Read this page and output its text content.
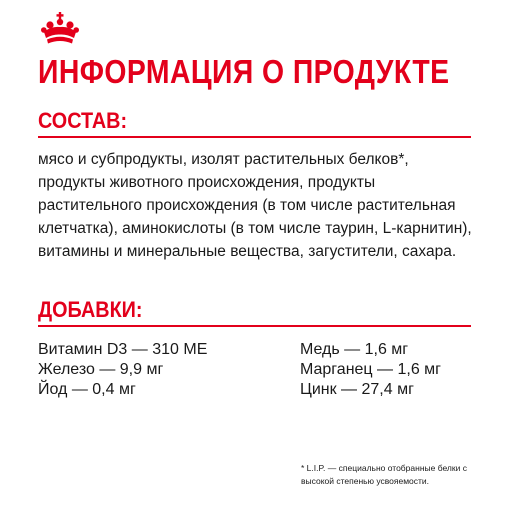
ИНФОРМАЦИЯ О ПРОДУКТЕ
СОСТАВ:

мясо и субпродукты, изолят растительных белков*, продукты животного происхождения, продукты растительного происхождения (в том числе растительная клетчатка), аминокислоты (в том числе таурин, L-карнитин), витамины и минеральные вещества, загустители, сахара.

ДОБАВКИ:
Витамин D3 — 310 МЕ	Медь — 1,6 мг
Железо — 9,9 мг	Марганец — 1,6 мг
Йод — 0,4 мг	Цинк — 27,4 мг

* L.I.P. — специально отобранные белки с высокой степенью усвояемости.
